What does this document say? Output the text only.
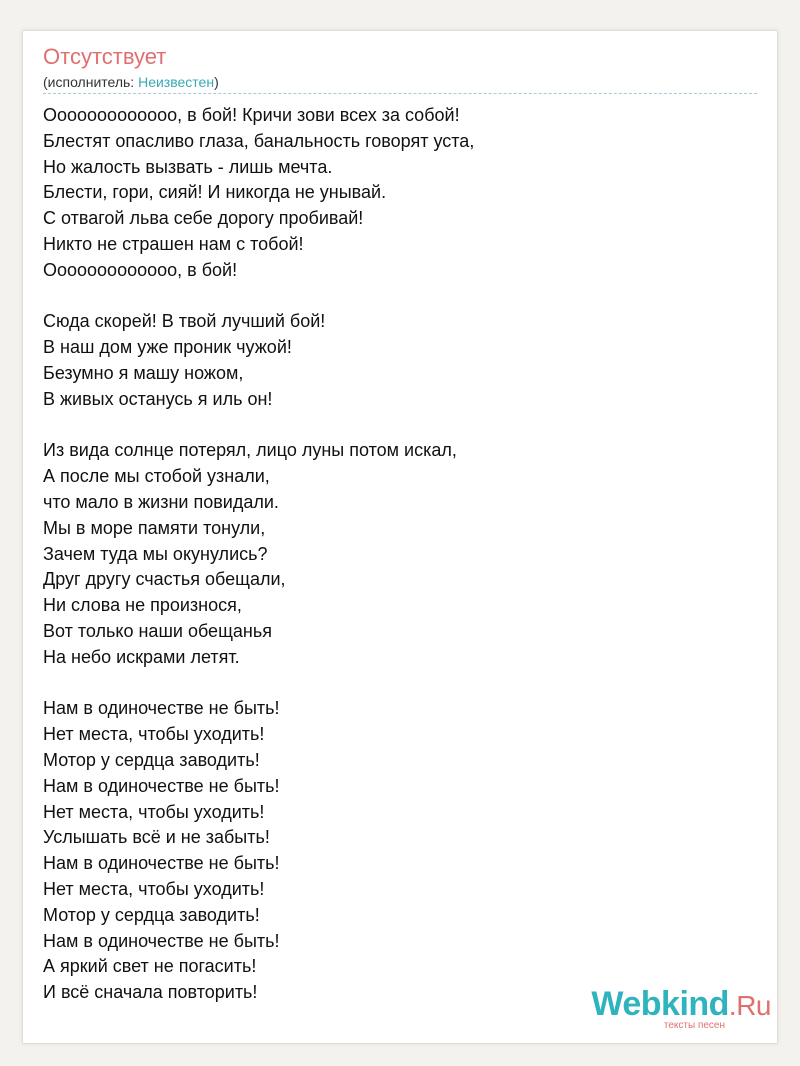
Отсутствует
(исполнитель: Неизвестен)
Ооооооооооооо, в бой! Кричи зови всех за собой!
Блестят опасливо глаза, банальность говорят уста,
Но жалость вызвать - лишь мечта.
Блести, гори, сияй! И никогда не унывай.
С отвагой льва себе дорогу пробивай!
Никто не страшен нам с тобой!
Ооооооооооооо, в бой!
Сюда скорей! В твой лучший бой!
В наш дом уже проник чужой!
Безумно я машу ножом,
В живых останусь я иль он!
Из вида солнце потерял, лицо луны потом искал,
А после мы стобой узнали,
что мало в жизни повидали.
Мы в море памяти тонули,
Зачем туда мы окунулись?
Друг другу счастья обещали,
Ни слова не произнося,
Вот только наши обещанья
На небо искрами летят.
Нам в одиночестве не быть!
Нет места, чтобы уходить!
Мотор у сердца заводить!
Нам в одиночестве не быть!
Нет места, чтобы уходить!
Услышать всё и не забыть!
Нам в одиночестве не быть!
Нет места, чтобы уходить!
Мотор у сердца заводить!
Нам в одиночестве не быть!
А яркий свет не погасить!
И всё сначала повторить!	Webkind.Ru
тексты песен
